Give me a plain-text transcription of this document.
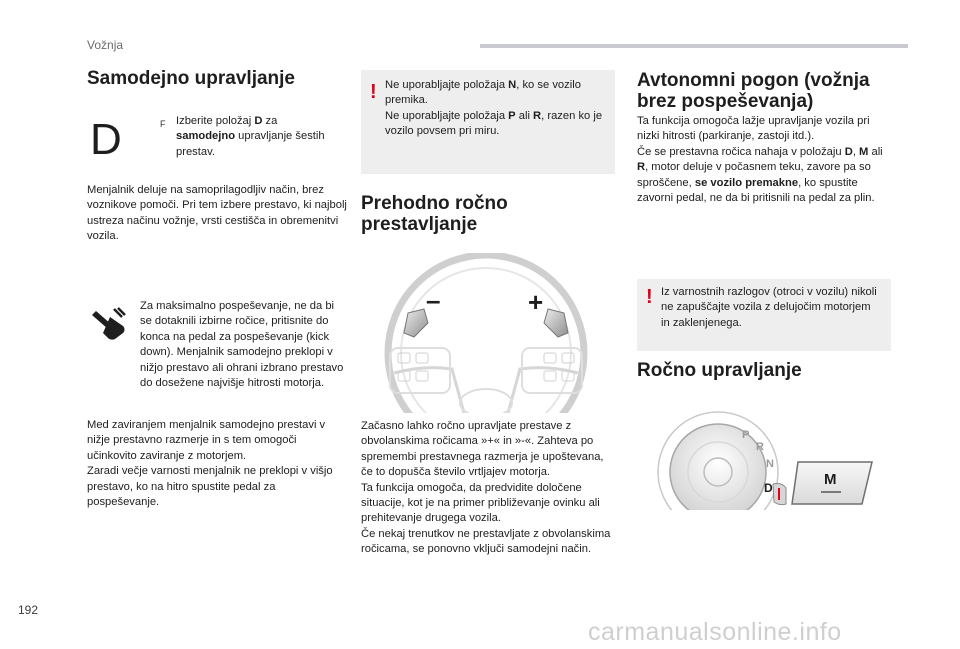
Vožnja
Samodejno upravljanje
D	F Izberite položaj D za
samodejno upravljanje šestih prestav.

Menjalnik deluje na samoprilagodljiv način, brez voznikove pomoči. Pri tem izbere prestavo, ki najbolj ustreza načinu vožnje, vrsti cestišča in obremenitvi vozila.

Za maksimalno pospeševanje, ne da bi se dotaknili izbirne ročice, pritisnite do konca na pedal za pospeševanje (kick down). Menjalnik samodejno preklopi v nižjo prestavo ali ohrani izbrano prestavo do dosežene najvišje hitrosti motorja.

Med zaviranjem menjalnik samodejno prestavi v nižje prestavno razmerje in s tem omogoči učinkovito zaviranje z motorjem.
Zaradi večje varnosti menjalnik ne preklopi v višjo prestavo, ko na hitro spustite pedal za pospeševanje.

! Ne uporabljajte položaja N, ko se vozilo premika.
Ne uporabljajte položaja P ali R, razen ko je vozilo povsem pri miru.
Prehodno ročno prestavljanje
–	+

Začasno lahko ročno upravljate prestave z obvolanskima ročicama »+« in »-«. Zahteva po spremembi prestavnega razmerja je upoštevana, če to dopušča število vrtljajev motorja.
Ta funkcija omogoča, da predvidite določene situacije, kot je na primer približevanje ovinku ali prehitevanje drugega vozila.
Če nekaj trenutkov ne prestavljate z obvolanskima ročicama, se ponovno vključi samodejni način.

Avtonomni pogon (vožnja brez pospeševanja)
Ta funkcija omogoča lažje upravljanje vozila pri nizki hitrosti (parkiranje, zastoji itd.).
Če se prestavna ročica nahaja v položaju D, M ali R, motor deluje v počasnem teku, zavore pa so sproščene, se vozilo premakne, ko spustite zavorni pedal, ne da bi pritisnili na pedal za plin.
! Iz varnostnih razlogov (otroci v vozilu) nikoli ne zapuščajte vozila z delujočim motorjem in zaklenjenega.

Ročno upravljanje
P
R
N
D	M
192
carmanualsonline.info
